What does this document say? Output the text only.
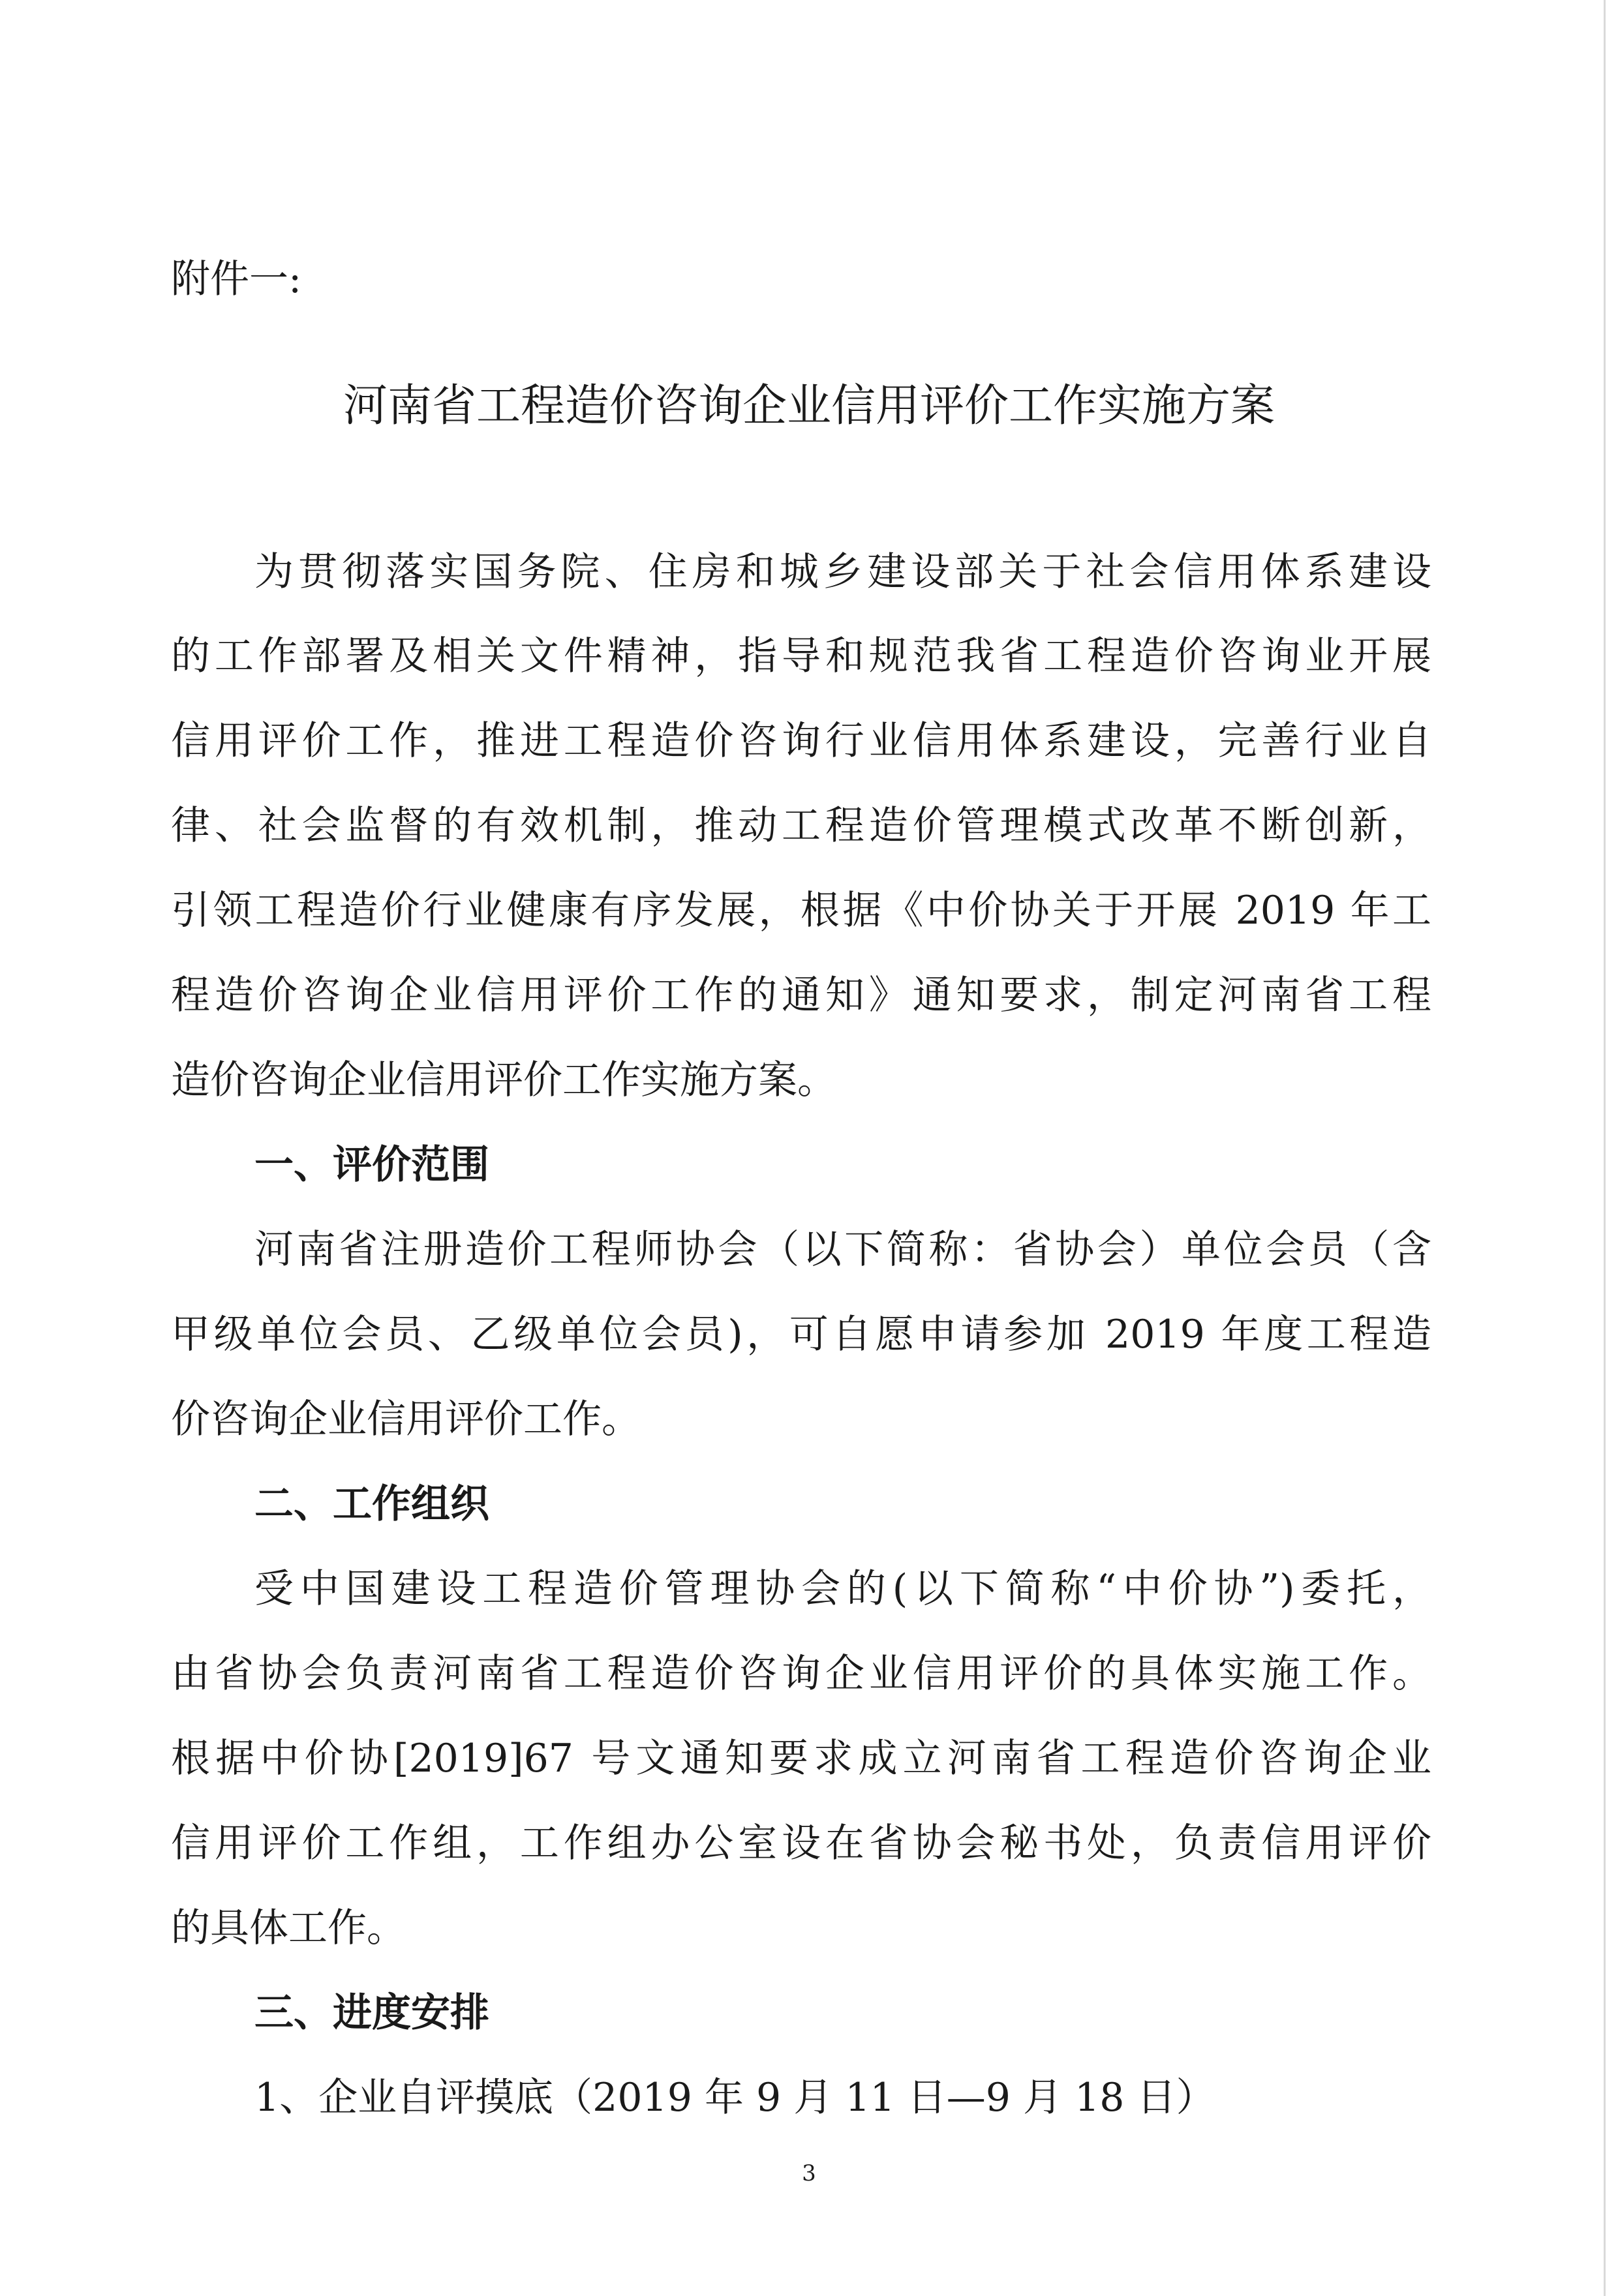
附件一:
河南省工程造价咨询企业信用评价工作实施方案
为贯彻落实国务院、住房和城乡建设部关于社会信用体系建设
的工作部署及相关文件精神，指导和规范我省工程造价咨询业开展
信用评价工作，推进工程造价咨询行业信用体系建设，完善行业自
律、社会监督的有效机制，推动工程造价管理模式改革不断创新，
引领工程造价行业健康有序发展，根据《中价协关于开展 2019 年工
程造价咨询企业信用评价工作的通知》通知要求，制定河南省工程
造价咨询企业信用评价工作实施方案。
一、评价范围
河南省注册造价工程师协会（以下简称：省协会）单位会员（含
甲级单位会员、乙级单位会员)，可自愿申请参加 2019 年度工程造
价咨询企业信用评价工作。
二、工作组织
受中国建设工程造价管理协会的(以下简称“中价协”)委托，
由省协会负责河南省工程造价咨询企业信用评价的具体实施工作。
根据中价协[2019]67 号文通知要求成立河南省工程造价咨询企业
信用评价工作组，工作组办公室设在省协会秘书处，负责信用评价
的具体工作。
三、进度安排
1、企业自评摸底（2019 年 9 月 11 日—9 月 18 日）
3
